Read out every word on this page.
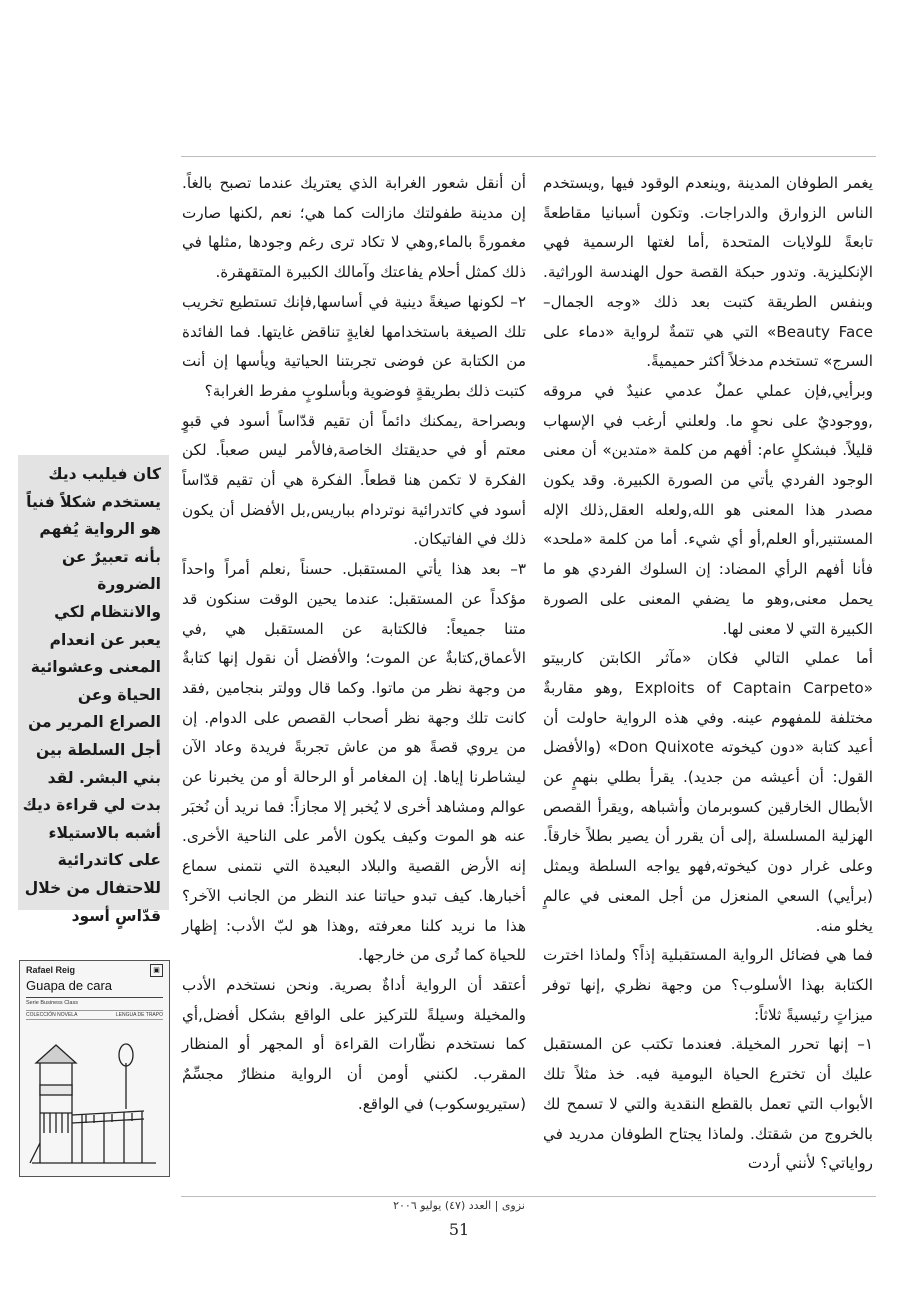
يغمر الطوفان المدينة ,وينعدم الوقود فيها ,ويستخدم الناس الزوارق والدراجات. وتكون أسبانيا مقاطعةً تابعةً للولايات المتحدة ,أما لغتها الرسمية فهي الإنكليزية. وتدور حبكة القصة حول الهندسة الوراثية. وبنفس الطريقة كتبت بعد ذلك «وجه الجمال–Beauty Face» التي هي تتمةٌ لرواية «دماء على السرج» تستخدم مدخلاً أكثر حميميةً.

وبرأيي,فإن عملي عملٌ عدمي عنيدٌ في مروقه ,ووجوديٌ على نحوٍ ما. ولعلني أرغب في الإسهاب قليلاً. فبشكلٍ عام: أفهم من كلمة «متدين» أن معنى الوجود الفردي يأتي من الصورة الكبيرة. وقد يكون مصدر هذا المعنى هو الله,ولعله العقل,ذلك الإله المستنير,أو العلم,أو أي شيء. أما من كلمة «ملحد» فأنا أفهم الرأي المضاد: إن السلوك الفردي هو ما يحمل معنى,وهو ما يضفي المعنى على الصورة الكبيرة التي لا معنى لها.

أما عملي التالي فكان «مآثر الكابتن كاربيتو «Exploits of Captain Carpeto ,وهو مقاربةٌ مختلفة للمفهوم عينه. وفي هذه الرواية حاولت أن أعيد كتابة «دون كيخوته Don Quixote» (والأفضل القول: أن أعيشه من جديد). يقرأ بطلي بنهمٍ عن الأبطال الخارقين كسوبرمان وأشباهه ,ويقرأ القصص الهزلية المسلسلة ,إلى أن يقرر أن يصير بطلاً خارقاً. وعلى غرار دون كيخوته,فهو يواجه السلطة ويمثل (برأيي) السعي المنعزل من أجل المعنى في عالمٍ يخلو منه.

فما هي فضائل الرواية المستقبلية إذاً؟ ولماذا اخترت الكتابة بهذا الأسلوب؟ من وجهة نظري ,إنها توفر ميزاتٍ رئيسيةً ثلاثاً:

١– إنها تحرر المخيلة. فعندما تكتب عن المستقبل عليك أن تخترع الحياة اليومية فيه. خذ مثلاً تلك الأبواب التي تعمل بالقطع النقدية والتي لا تسمح لك بالخروج من شقتك. ولماذا يجتاح الطوفان مدريد في رواياتي؟ لأنني أردت

أن أنقل شعور الغرابة الذي يعتريك عندما تصبح بالغاً. إن مدينة طفولتك مازالت كما هي؛ نعم ,لكنها صارت مغمورةً بالماء,وهي لا تكاد ترى رغم وجودها ,مثلها في ذلك كمثل أحلام يفاعتك وآمالك الكبيرة المتقهقرة.

٢– لكونها صيغةً دينية في أساسها,فإنك تستطيع تخريب تلك الصيغة باستخدامها لغايةٍ تناقض غايتها. فما الفائدة من الكتابة عن فوضى تجربتنا الحياتية ويأسها إن أنت كتبت ذلك بطريقةٍ فوضوية وبأسلوبٍ مفرط الغرابة؟

وبصراحة ,يمكنك دائماً أن تقيم قدّاساً أسود في قبوٍ معتم أو في حديقتك الخاصة,فالأمر ليس صعباً. لكن الفكرة لا تكمن هنا قطعاً. الفكرة هي أن تقيم قدّاساً أسود في كاتدرائية نوتردام بباريس,بل الأفضل أن يكون ذلك في الفاتيكان.

٣– بعد هذا يأتي المستقبل. حسناً ,نعلم أمراً واحداً مؤكداً عن المستقبل: عندما يحين الوقت سنكون قد متنا جميعاً: فالكتابة عن المستقبل هي ,في الأعماق,كتابةٌ عن الموت؛ والأفضل أن نقول إنها كتابةٌ من وجهة نظر من ماتوا. وكما قال وولتر بنجامين ,فقد كانت تلك وجهة نظر أصحاب القصص على الدوام. إن من يروي قصةً هو من عاش تجربةً فريدة وعاد الآن ليشاطرنا إياها. إن المغامر أو الرحالة أو من يخبرنا عن عوالم ومشاهد أخرى لا يُخبر إلا مجازاً: فما نريد أن نُخبَر عنه هو الموت وكيف يكون الأمر على الناحية الأخرى. إنه الأرض القصية والبلاد البعيدة التي نتمنى سماع أخبارها. كيف تبدو حياتنا عند النظر من الجانب الآخر؟ هذا ما نريد كلنا معرفته ,وهذا هو لبّ الأدب: إظهار للحياة كما تُرى من خارجها.

أعتقد أن الرواية أداةٌ بصرية. ونحن نستخدم الأدب والمخيلة وسيلةً للتركيز على الواقع بشكل أفضل,أي كما نستخدم نظّارات القراءة أو المجهر أو المنظار المقرب. لكنني أومن أن الرواية منظارٌ مجسِّمٌ (ستيريوسكوب) في الواقع.

كان فيليب ديك يستخدم شكلاً فنياً هو الرواية يُفهم بأنه تعبيرٌ عن الضرورة والانتظام لكي يعبر عن انعدام المعنى وعشوائية الحياة وعن الصراع المرير من أجل السلطة بين بني البشر. لقد بدت لي قراءة ديك أشبه بالاستيلاء على كاتدرائية للاحتفال من خلال قدّاسٍ أسود
Rafael Reig	▣
Guapa de cara
Serie Business Class
COLECCIÓN NOVELA	LENGUA DE TRAPO
نزوى | العدد (٤٧) يوليو ٢٠٠٦
51
